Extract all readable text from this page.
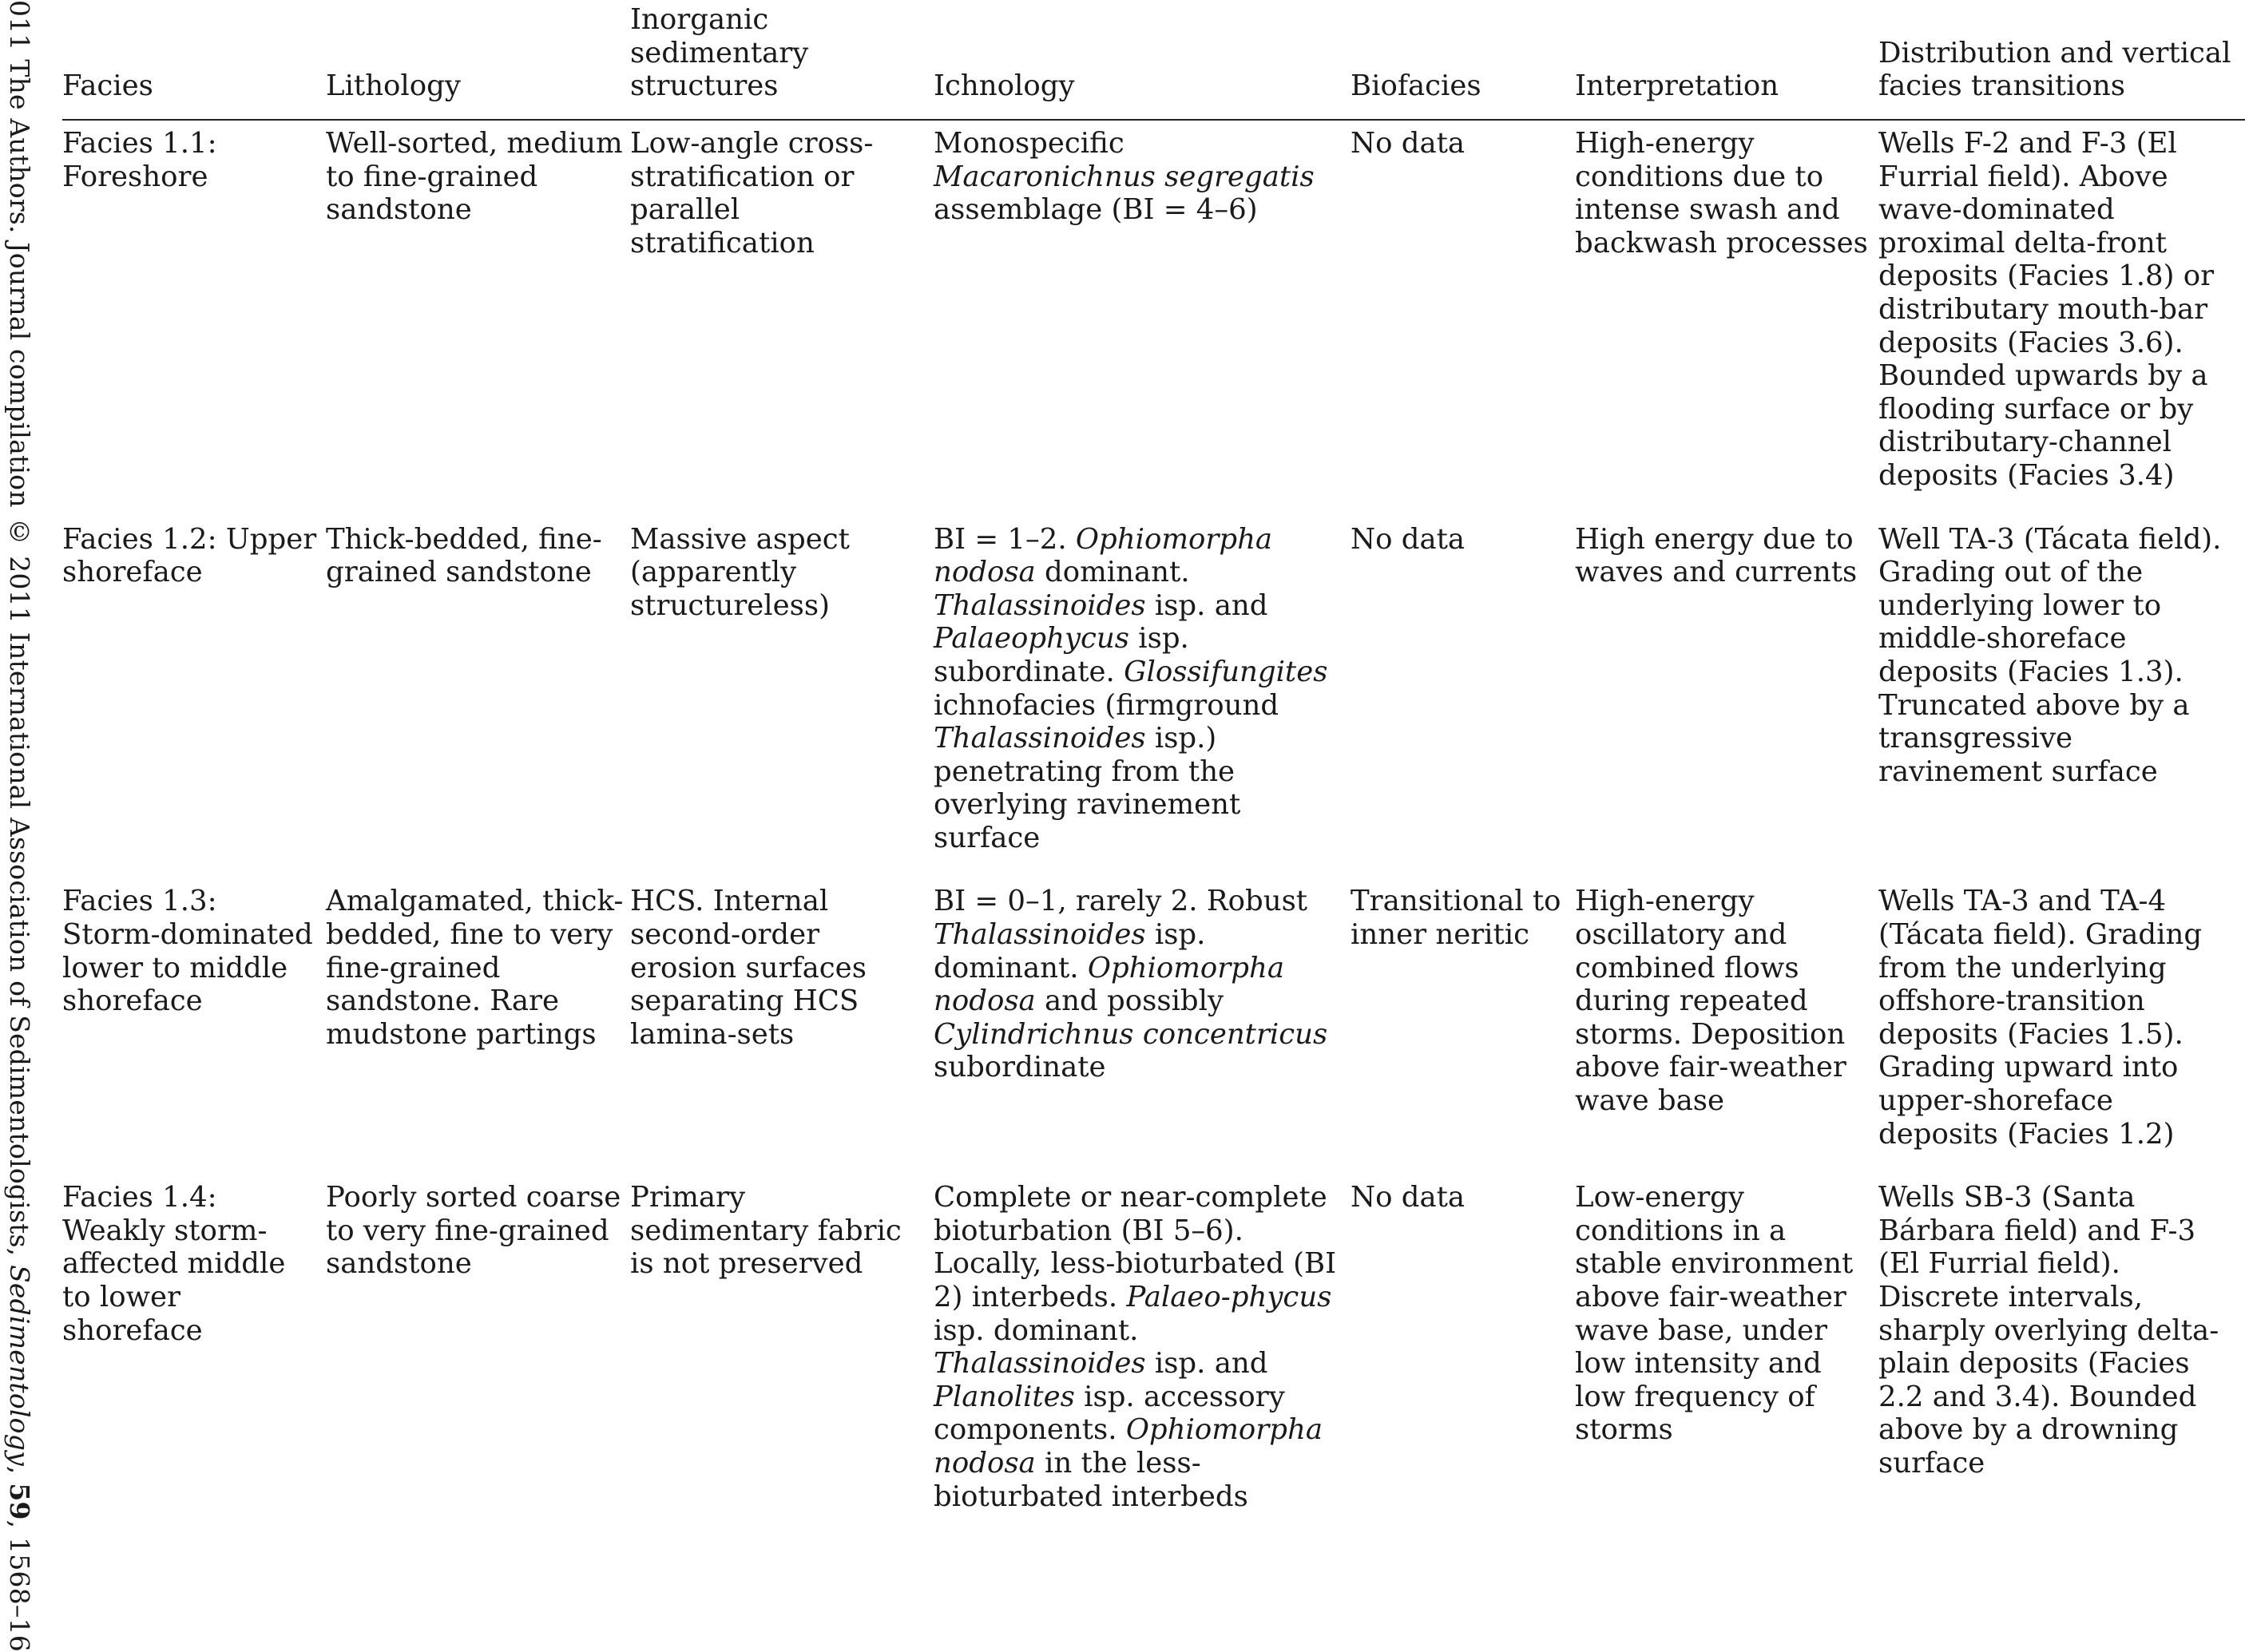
011 The Authors. Journal compilation © 2011 International Association of Sedimentologists, Sedimentology, 59, 1568–16
Facies	Lithology	Inorganic sedimentary structures	Ichnology	Biofacies	Interpretation	Distribution and vertical facies transitions
Facies 1.1: Foreshore	Well-sorted, medium to fine-grained sandstone	Low-angle cross-stratification or parallel stratification	Monospecific Macaronichnus segregatis assemblage (BI = 4–6)	No data	High-energy conditions due to intense swash and backwash processes	Wells F-2 and F-3 (El Furrial field). Above wave-dominated proximal delta-front deposits (Facies 1.8) or distributary mouth-bar deposits (Facies 3.6). Bounded upwards by a flooding surface or by distributary-channel deposits (Facies 3.4)
Facies 1.2: Upper shoreface	Thick-bedded, fine-grained sandstone	Massive aspect (apparently structureless)	BI = 1–2. Ophiomorpha nodosa dominant. Thalassinoides isp. and Palaeophycus isp. subordinate. Glossifungites ichnofacies (firmground Thalassinoides isp.) penetrating from the overlying ravinement surface	No data	High energy due to waves and currents	Well TA-3 (Tácata field). Grading out of the underlying lower to middle-shoreface deposits (Facies 1.3). Truncated above by a transgressive ravinement surface
Facies 1.3: Storm-dominated lower to middle shoreface	Amalgamated, thick-bedded, fine to very fine-grained sandstone. Rare mudstone partings	HCS. Internal second-order erosion surfaces separating HCS lamina-sets	BI = 0–1, rarely 2. Robust Thalassinoides isp. dominant. Ophiomorpha nodosa and possibly Cylindrichnus concentricus subordinate	Transitional to inner neritic	High-energy oscillatory and combined flows during repeated storms. Deposition above fair-weather wave base	Wells TA-3 and TA-4 (Tácata field). Grading from the underlying offshore-transition deposits (Facies 1.5). Grading upward into upper-shoreface deposits (Facies 1.2)
Facies 1.4: Weakly storm-affected middle to lower shoreface	Poorly sorted coarse to very fine-grained sandstone	Primary sedimentary fabric is not preserved	Complete or near-complete bioturbation (BI 5–6). Locally, less-bioturbated (BI 2) interbeds. Palaeo-phycus isp. dominant. Thalassinoides isp. and Planolites isp. accessory components. Ophiomorpha nodosa in the less-bioturbated interbeds	No data	Low-energy conditions in a stable environment above fair-weather wave base, under low intensity and low frequency of storms	Wells SB-3 (Santa Bárbara field) and F-3 (El Furrial field). Discrete intervals, sharply overlying delta-plain deposits (Facies 2.2 and 3.4). Bounded above by a drowning surface
